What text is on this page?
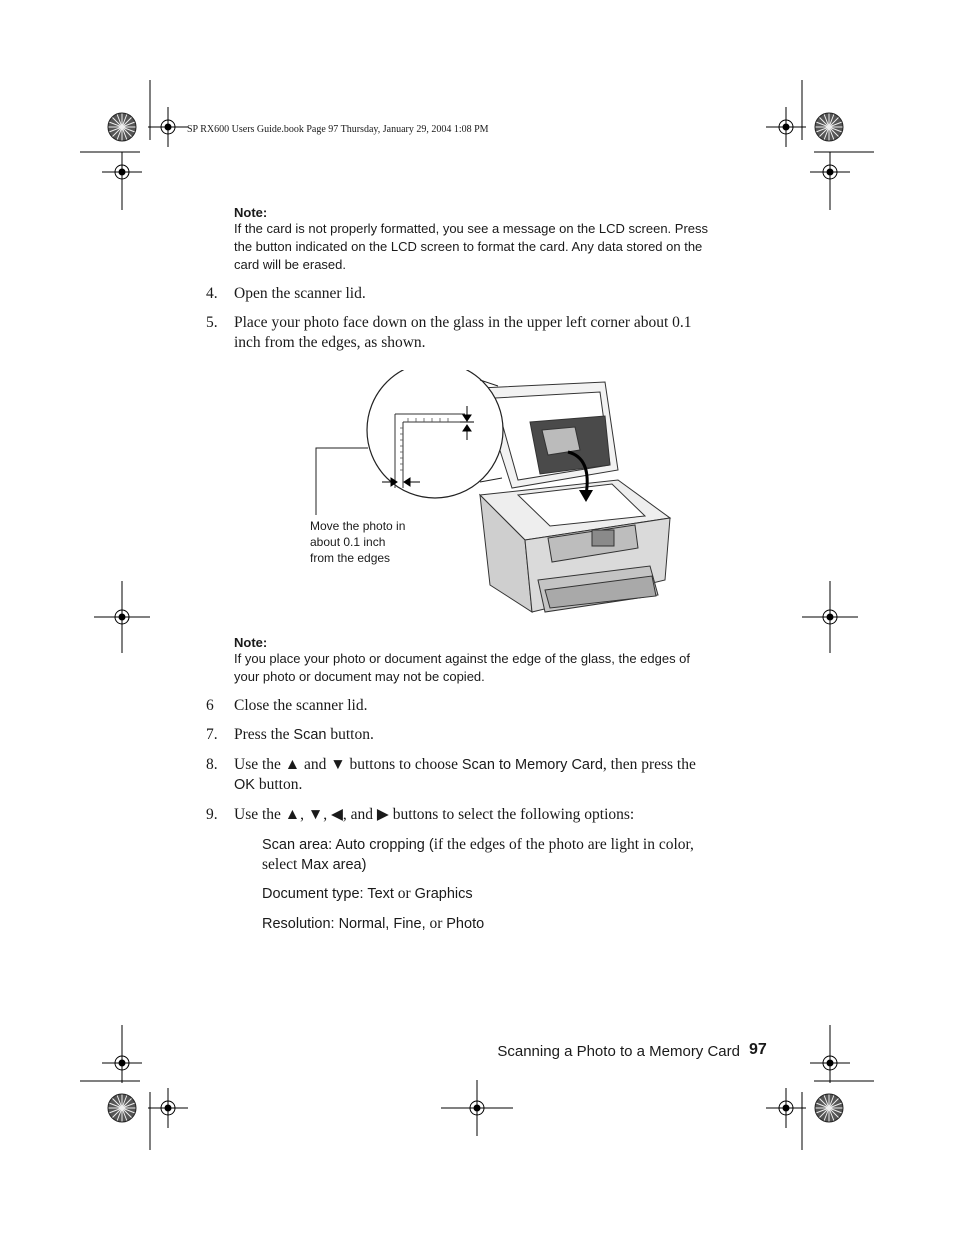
SP RX600 Users Guide.book Page 97 Thursday, January 29, 2004 1:08 PM
Note:
If the card is not properly formatted, you see a message on the LCD screen. Press
the button indicated on the LCD screen to format the card. Any data stored on the
card will be erased.
4. Open the scanner lid.
5. Place your photo face down on the glass in the upper left corner about 0.1
inch from the edges, as shown.
Move the photo in
about 0.1 inch
from the edges
Note:
If you place your photo or document against the edge of the glass, the edges of
your photo or document may not be copied.
6 Close the scanner lid.
7. Press the Scan button.
8. Use the ▲ and ▼ buttons to choose Scan to Memory Card, then press the
OK button.
9. Use the ▲, ▼, ◀, and ▶ buttons to select the following options:
Scan area: Auto cropping (if the edges of the photo are light in color,
select Max area)
Document type: Text or Graphics
Resolution: Normal, Fine, or Photo
Scanning a Photo to a Memory Card 97
